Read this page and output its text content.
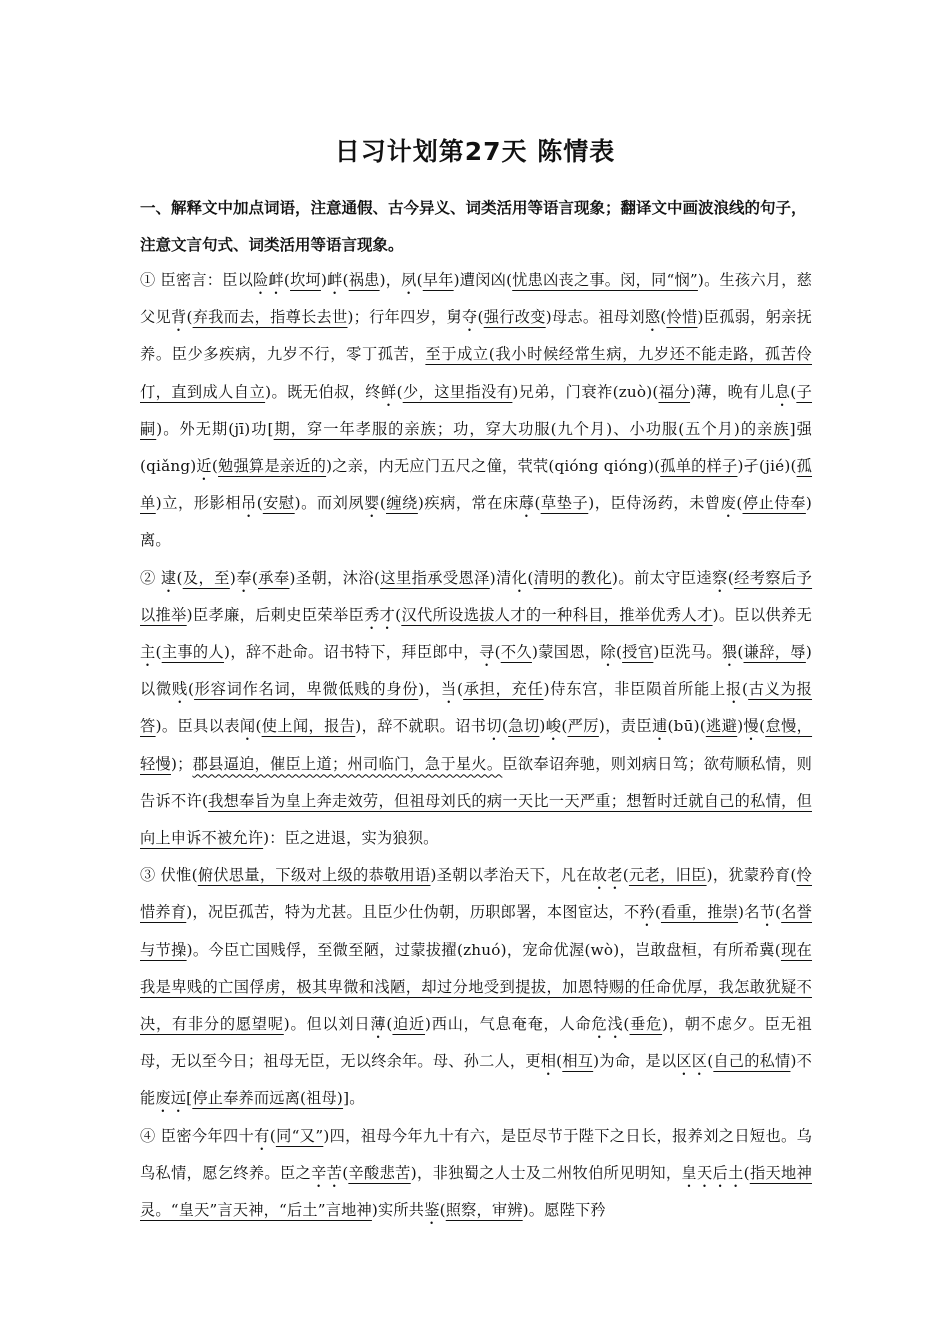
日习计划第27天 陈情表

一、解释文中加点词语，注意通假、古今异义、词类活用等语言现象；翻译文中画波浪线的句子，注意文言句式、词类活用等语言现象。

① 臣密言：臣以险衅(坎坷)衅(祸患)，夙(早年)遭闵凶(忧患凶丧之事。闵，同“悯”)。生孩六月，慈父见背(弃我而去，指尊长去世)；行年四岁，舅夺(强行改变)母志。祖母刘愍(怜惜)臣孤弱，躬亲抚养。臣少多疾病，九岁不行，零丁孤苦，至于成立(我小时候经常生病，九岁还不能走路，孤苦伶仃，直到成人自立)。既无伯叔，终鲜(少，这里指没有)兄弟，门衰祚(zuò)(福分)薄，晚有儿息(子嗣)。外无期(jī)功[期，穿一年孝服的亲族；功，穿大功服(九个月)、小功服(五个月)的亲族]强(qiǎng)近(勉强算是亲近的)之亲，内无应门五尺之僮，茕茕(qióng qióng)(孤单的样子)孑(jié)(孤单)立，形影相吊(安慰)。而刘夙婴(缠绕)疾病，常在床蓐(草垫子)，臣侍汤药，未曾废(停止侍奉)离。

② 逮(及，至)奉(承奉)圣朝，沐浴(这里指承受恩泽)清化(清明的教化)。前太守臣逵察(经考察后予以推举)臣孝廉，后刺史臣荣举臣秀才(汉代所设选拔人才的一种科目，推举优秀人才)。臣以供养无主(主事的人)，辞不赴命。诏书特下，拜臣郎中，寻(不久)蒙国恩，除(授官)臣洗马。猥(谦辞，辱)以微贱(形容词作名词，卑微低贱的身份)，当(承担，充任)侍东宫，非臣陨首所能上报(古义为报答)。臣具以表闻(使上闻，报告)，辞不就职。诏书切(急切)峻(严厉)，责臣逋(bū)(逃避)慢(怠慢，轻慢)；郡县逼迫，催臣上道；州司临门，急于星火。臣欲奉诏奔驰，则刘病日笃；欲苟顺私情，则告诉不许(我想奉旨为皇上奔走效劳，但祖母刘氏的病一天比一天严重；想暂时迁就自己的私情，但向上申诉不被允许)：臣之进退，实为狼狈。

③ 伏惟(俯伏思量，下级对上级的恭敬用语)圣朝以孝治天下，凡在故老(元老，旧臣)，犹蒙矜育(怜惜养育)，况臣孤苦，特为尤甚。且臣少仕伪朝，历职郎署，本图宦达，不矜(看重，推崇)名节(名誉与节操)。今臣亡国贱俘，至微至陋，过蒙拔擢(zhuó)，宠命优渥(wò)，岂敢盘桓，有所希冀(现在我是卑贱的亡国俘虏，极其卑微和浅陋，却过分地受到提拔，加恩特赐的任命优厚，我怎敢犹疑不决，有非分的愿望呢)。但以刘日薄(迫近)西山，气息奄奄，人命危浅(垂危)，朝不虑夕。臣无祖母，无以至今日；祖母无臣，无以终余年。母、孙二人，更相(相互)为命，是以区区(自己的私情)不能废远[停止奉养而远离(祖母)]。

④ 臣密今年四十有(同“又”)四，祖母今年九十有六，是臣尽节于陛下之日长，报养刘之日短也。乌鸟私情，愿乞终养。臣之辛苦(辛酸悲苦)，非独蜀之人士及二州牧伯所见明知，皇天后土(指天地神灵。“皇天”言天神，“后土”言地神)实所共鉴(照察，审辨)。愿陛下矜
